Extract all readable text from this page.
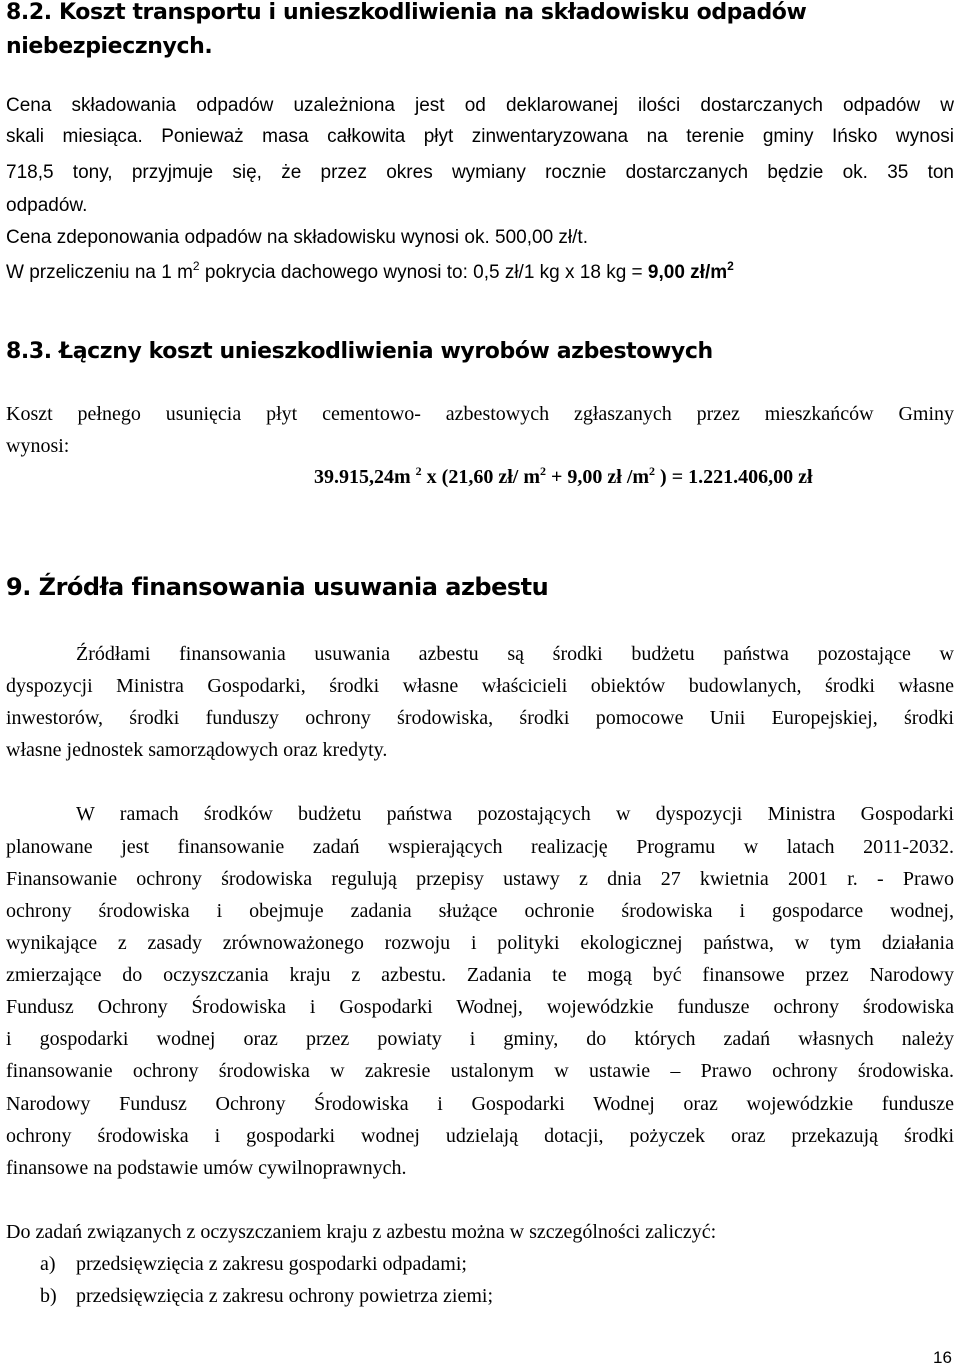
8.2. Koszt transportu i unieszkodliwienia na składowisku odpadów
niebezpiecznych.
Cena składowania odpadów uzależniona jest od deklarowanej ilości dostarczanych odpadów w
skali miesiąca. Ponieważ masa całkowita płyt zinwentaryzowana na terenie gminy Ińsko wynosi
718,5 tony, przyjmuje się, że przez okres wymiany rocznie dostarczanych będzie ok. 35 ton
odpadów.
Cena zdeponowania odpadów na składowisku wynosi ok. 500,00 zł/t.
W przeliczeniu na 1 $m^2$ pokrycia dachowego wynosi to: 0,5 zł/1 kg x 18 kg = 9,00 $zł/m^2$
8.3. Łączny koszt unieszkodliwienia wyrobów azbestowych
Koszt pełnego usunięcia płyt cementowo- azbestowych zgłaszanych przez mieszkańców Gminy
wynosi:
39.915,24m $^2$ x (21,60 zł/ $m^2 + 9,00$ zł $/m^2$ ) = 1.221.406,00 zł
9. Źródła finansowania usuwania azbestu
Źródłami finansowania usuwania azbestu są środki budżetu państwa pozostające w
dyspozycji Ministra Gospodarki, środki własne właścicieli obiektów budowlanych, środki własne
inwestorów, środki funduszy ochrony środowiska, środki pomocowe Unii Europejskiej, środki
własne jednostek samorządowych oraz kredyty.
W ramach środków budżetu państwa pozostających w dyspozycji Ministra Gospodarki
planowane jest finansowanie zadań wspierających realizację Programu w latach 2011-2032.
Finansowanie ochrony środowiska regulują przepisy ustawy z dnia 27 kwietnia 2001 r. - Prawo
ochrony środowiska i obejmuje zadania służące ochronie środowiska i gospodarce wodnej,
wynikające z zasady zrównoważonego rozwoju i polityki ekologicznej państwa, w tym działania
zmierzające do oczyszczania kraju z azbestu. Zadania te mogą być finansowe przez Narodowy
Fundusz Ochrony Środowiska i Gospodarki Wodnej, wojewódzkie fundusze ochrony środowiska
i gospodarki wodnej oraz przez powiaty i gminy, do których zadań własnych należy
finansowanie ochrony środowiska w zakresie ustalonym w ustawie – Prawo ochrony środowiska.
Narodowy Fundusz Ochrony Środowiska i Gospodarki Wodnej oraz wojewódzkie fundusze
ochrony środowiska i gospodarki wodnej udzielają dotacji, pożyczek oraz przekazują środki
finansowe na podstawie umów cywilnoprawnych.
Do zadań związanych z oczyszczaniem kraju z azbestu można w szczególności zaliczyć:
a) przedsięwzięcia z zakresu gospodarki odpadami;
b) przedsięwzięcia z zakresu ochrony powietrza ziemi;
16
